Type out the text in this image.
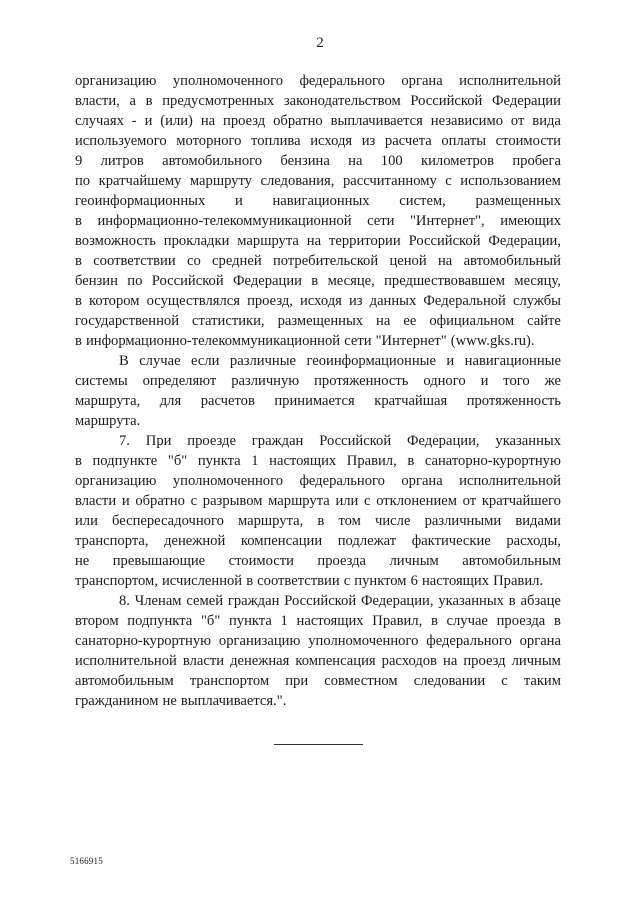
2
организацию уполномоченного федерального органа исполнительной
власти, а в предусмотренных законодательством Российской Федерации
случаях - и (или) на проезд обратно выплачивается независимо от вида
используемого моторного топлива исходя из расчета оплаты стоимости
9 литров автомобильного бензина на 100 километров пробега
по кратчайшему маршруту следования, рассчитанному с использованием
геоинформационных и навигационных систем, размещенных
в информационно-телекоммуникационной сети "Интернет", имеющих
возможность прокладки маршрута на территории Российской Федерации,
в соответствии со средней потребительской ценой на автомобильный
бензин по Российской Федерации в месяце, предшествовавшем месяцу,
в котором осуществлялся проезд, исходя из данных Федеральной службы
государственной статистики, размещенных на ее официальном сайте
в информационно-телекоммуникационной сети "Интернет" (www.gks.ru).
В случае если различные геоинформационные и навигационные
системы определяют различную протяженность одного и того же
маршрута, для расчетов принимается кратчайшая протяженность
маршрута.
7. При проезде граждан Российской Федерации, указанных
в подпункте "б" пункта 1 настоящих Правил, в санаторно-курортную
организацию уполномоченного федерального органа исполнительной
власти и обратно с разрывом маршрута или с отклонением от кратчайшего
или беспересадочного маршрута, в том числе различными видами
транспорта, денежной компенсации подлежат фактические расходы,
не превышающие стоимости проезда личным автомобильным
транспортом, исчисленной в соответствии с пунктом 6 настоящих Правил.
8. Членам семей граждан Российской Федерации, указанных в абзаце
втором подпункта "б" пункта 1 настоящих Правил, в случае проезда в
санаторно-курортную организацию уполномоченного федерального органа
исполнительной власти денежная компенсация расходов на проезд личным
автомобильным транспортом при совместном следовании с таким
гражданином не выплачивается.".
5166915
